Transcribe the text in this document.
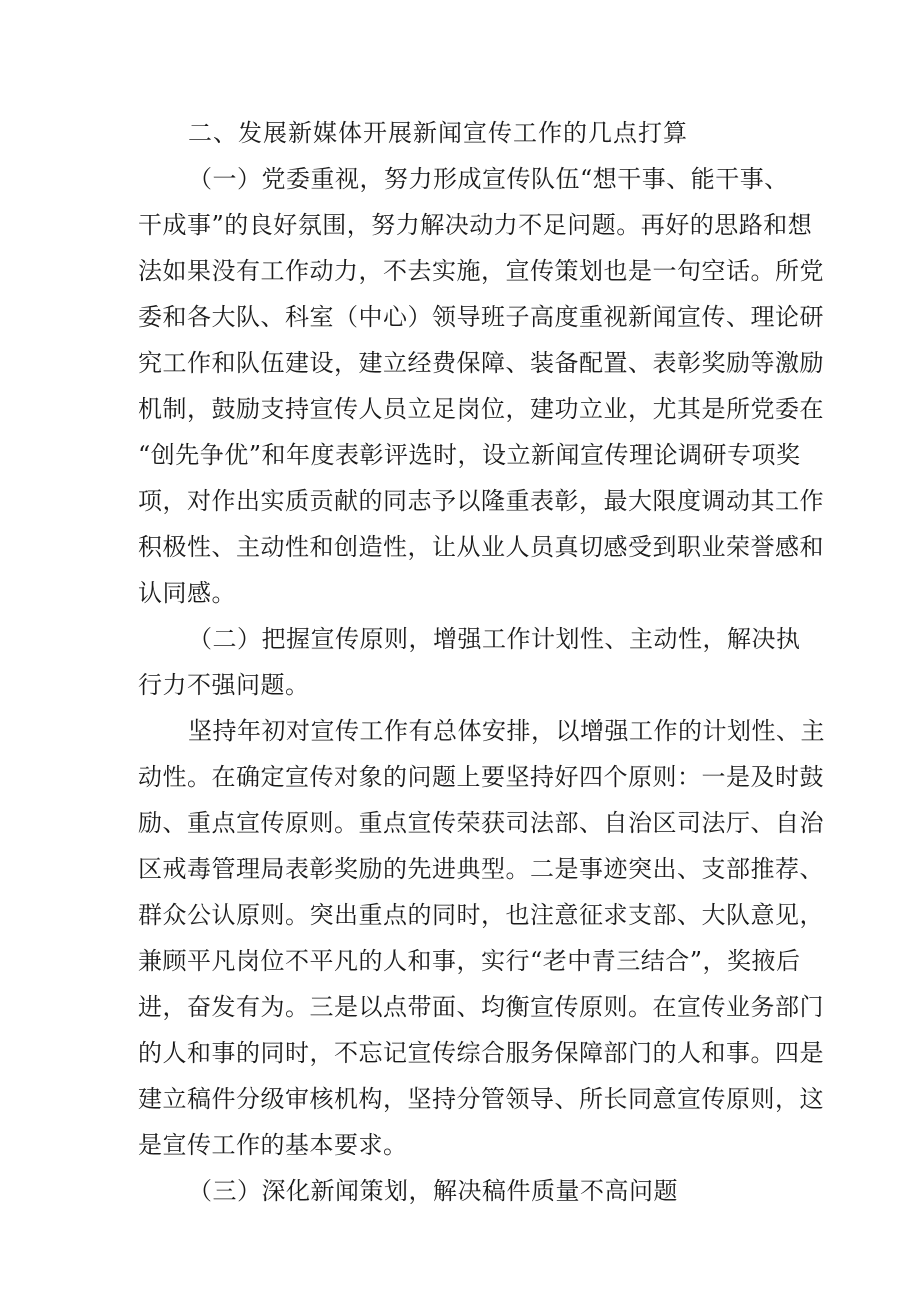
二、发展新媒体开展新闻宣传工作的几点打算
（一）党委重视，努力形成宣传队伍“想干事、能干事、
干成事”的良好氛围，努力解决动力不足问题。再好的思路和想
法如果没有工作动力，不去实施，宣传策划也是一句空话。所党
委和各大队、科室（中心）领导班子高度重视新闻宣传、理论研
究工作和队伍建设，建立经费保障、装备配置、表彰奖励等激励
机制，鼓励支持宣传人员立足岗位，建功立业，尤其是所党委在
“创先争优”和年度表彰评选时，设立新闻宣传理论调研专项奖
项，对作出实质贡献的同志予以隆重表彰，最大限度调动其工作
积极性、主动性和创造性，让从业人员真切感受到职业荣誉感和
认同感。
（二）把握宣传原则，增强工作计划性、主动性，解决执
行力不强问题。
坚持年初对宣传工作有总体安排，以增强工作的计划性、主
动性。在确定宣传对象的问题上要坚持好四个原则：一是及时鼓
励、重点宣传原则。重点宣传荣获司法部、自治区司法厅、自治
区戒毒管理局表彰奖励的先进典型。二是事迹突出、支部推荐、
群众公认原则。突出重点的同时，也注意征求支部、大队意见，
兼顾平凡岗位不平凡的人和事，实行“老中青三结合”，奖掖后
进，奋发有为。三是以点带面、均衡宣传原则。在宣传业务部门
的人和事的同时，不忘记宣传综合服务保障部门的人和事。四是
建立稿件分级审核机构，坚持分管领导、所长同意宣传原则，这
是宣传工作的基本要求。
（三）深化新闻策划，解决稿件质量不高问题
